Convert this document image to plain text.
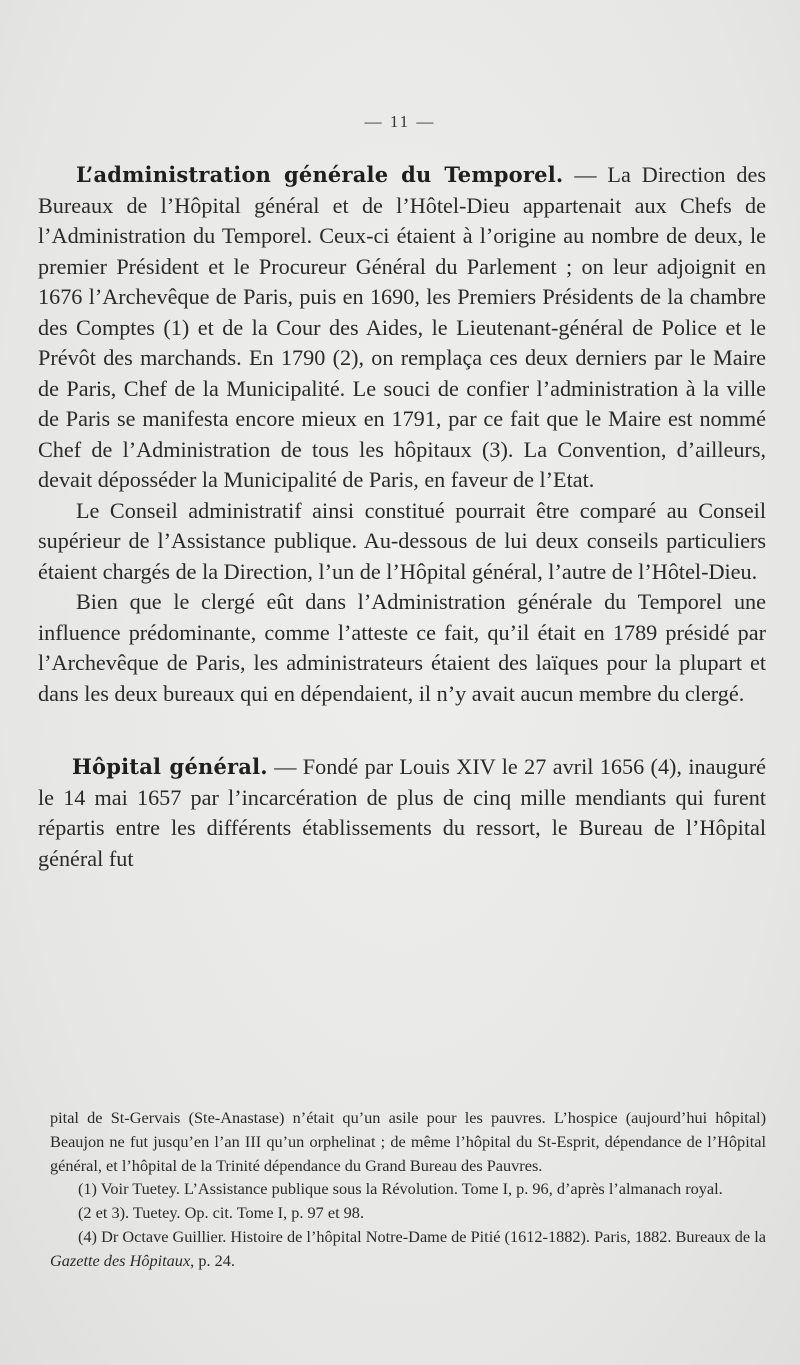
— 11 —

L’administration générale du Temporel. — La Direction des Bureaux de l’Hôpital général et de l’Hôtel-Dieu appartenait aux Chefs de l’Administration du Temporel. Ceux-ci étaient à l’origine au nombre de deux, le premier Président et le Procureur Général du Parlement ; on leur adjoignit en 1676 l’Archevêque de Paris, puis en 1690, les Premiers Présidents de la chambre des Comptes (1) et de la Cour des Aides, le Lieutenant-général de Police et le Prévôt des marchands. En 1790 (2), on remplaça ces deux derniers par le Maire de Paris, Chef de la Municipalité. Le souci de confier l’administration à la ville de Paris se manifesta encore mieux en 1791, par ce fait que le Maire est nommé Chef de l’Administration de tous les hôpitaux (3). La Convention, d’ailleurs, devait déposséder la Municipalité de Paris, en faveur de l’Etat.

Le Conseil administratif ainsi constitué pourrait être comparé au Conseil supérieur de l’Assistance publique. Au-dessous de lui deux conseils particuliers étaient chargés de la Direction, l’un de l’Hôpital général, l’autre de l’Hôtel-Dieu.

Bien que le clergé eût dans l’Administration générale du Temporel une influence prédominante, comme l’atteste ce fait, qu’il était en 1789 présidé par l’Archevêque de Paris, les administrateurs étaient des laïques pour la plupart et dans les deux bureaux qui en dépendaient, il n’y avait aucun membre du clergé.

Hôpital général. — Fondé par Louis XIV le 27 avril 1656 (4), inauguré le 14 mai 1657 par l’incarcération de plus de cinq mille mendiants qui furent répartis entre les différents établissements du ressort, le Bureau de l’Hôpital général fut

pital de St-Gervais (Ste-Anastase) n’était qu’un asile pour les pauvres. L’hospice (aujourd’hui hôpital) Beaujon ne fut jusqu’en l’an III qu’un orphelinat ; de même l’hôpital du St-Esprit, dépendance de l’Hôpital général, et l’hôpital de la Trinité dépendance du Grand Bureau des Pauvres.

(1) Voir Tuetey. L’Assistance publique sous la Révolution. Tome I, p. 96, d’après l’almanach royal.

(2 et 3). Tuetey. Op. cit. Tome I, p. 97 et 98.

(4) Dr Octave Guillier. Histoire de l’hôpital Notre-Dame de Pitié (1612-1882). Paris, 1882. Bureaux de la Gazette des Hôpitaux, p. 24.
